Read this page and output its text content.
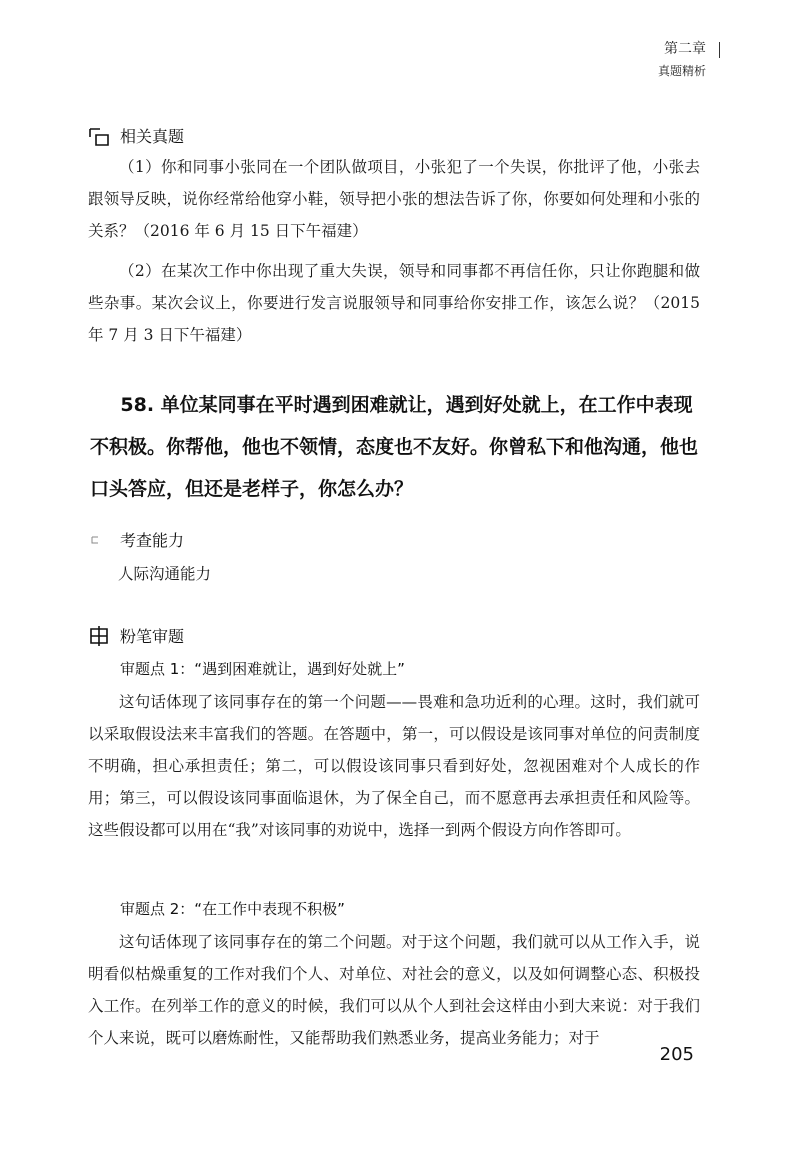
第二章
真题精析
相关真题
（1）你和同事小张同在一个团队做项目，小张犯了一个失误，你批评了他，小张去跟领导反映，说你经常给他穿小鞋，领导把小张的想法告诉了你，你要如何处理和小张的关系？（2016 年 6 月 15 日下午福建）
（2）在某次工作中你出现了重大失误，领导和同事都不再信任你，只让你跑腿和做些杂事。某次会议上，你要进行发言说服领导和同事给你安排工作，该怎么说？（2015 年 7 月 3 日下午福建）
58. 单位某同事在平时遇到困难就让，遇到好处就上，在工作中表现不积极。你帮他，他也不领情，态度也不友好。你曾私下和他沟通，他也口头答应，但还是老样子，你怎么办？
考查能力
人际沟通能力
粉笔审题
审题点 1：“遇到困难就让，遇到好处就上”
这句话体现了该同事存在的第一个问题——畏难和急功近利的心理。这时，我们就可以采取假设法来丰富我们的答题。在答题中，第一，可以假设是该同事对单位的问责制度不明确，担心承担责任；第二，可以假设该同事只看到好处，忽视困难对个人成长的作用；第三，可以假设该同事面临退休，为了保全自己，而不愿意再去承担责任和风险等。这些假设都可以用在“我”对该同事的劝说中，选择一到两个假设方向作答即可。
审题点 2：“在工作中表现不积极”
这句话体现了该同事存在的第二个问题。对于这个问题，我们就可以从工作入手，说明看似枯燥重复的工作对我们个人、对单位、对社会的意义，以及如何调整心态、积极投入工作。在列举工作的意义的时候，我们可以从个人到社会这样由小到大来说：对于我们个人来说，既可以磨炼耐性，又能帮助我们熟悉业务，提高业务能力；对于
205
